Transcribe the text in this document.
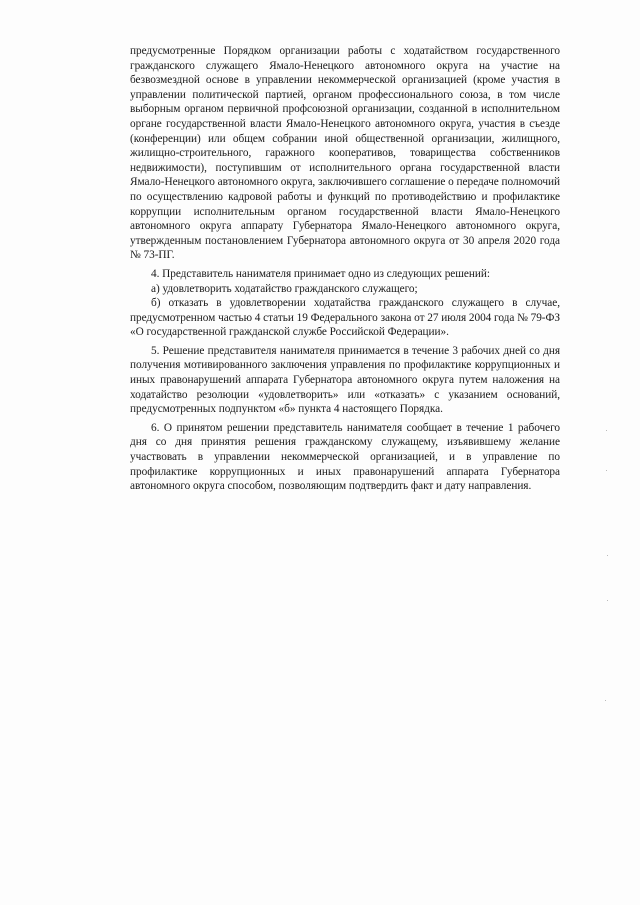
предусмотренные Порядком организации работы с ходатайством государственного гражданского служащего Ямало-Ненецкого автономного округа на участие на безвозмездной основе в управлении некоммерческой организацией (кроме участия в управлении политической партией, органом профессионального союза, в том числе выборным органом первичной профсоюзной организации, созданной в исполнительном органе государственной власти Ямало-Ненецкого автономного округа, участия в съезде (конференции) или общем собрании иной общественной организации, жилищного, жилищно-строительного, гаражного кооперативов, товарищества собственников недвижимости), поступившим от исполнительного органа государственной власти Ямало-Ненецкого автономного округа, заключившего соглашение о передаче полномочий по осуществлению кадровой работы и функций по противодействию и профилактике коррупции исполнительным органом государственной власти Ямало-Ненецкого автономного округа аппарату Губернатора Ямало-Ненецкого автономного округа, утвержденным постановлением Губернатора автономного округа от 30 апреля 2020 года № 73-ПГ.

4. Представитель нанимателя принимает одно из следующих решений:

а) удовлетворить ходатайство гражданского служащего;

б) отказать в удовлетворении ходатайства гражданского служащего в случае, предусмотренном частью 4 статьи 19 Федерального закона от 27 июля 2004 года № 79-ФЗ «О государственной гражданской службе Российской Федерации».

5. Решение представителя нанимателя принимается в течение 3 рабочих дней со дня получения мотивированного заключения управления по профилактике коррупционных и иных правонарушений аппарата Губернатора автономного округа путем наложения на ходатайство резолюции «удовлетворить» или «отказать» с указанием оснований, предусмотренных подпунктом «б» пункта 4 настоящего Порядка.

6. О принятом решении представитель нанимателя сообщает в течение 1 рабочего дня со дня принятия решения гражданскому служащему, изъявившему желание участвовать в управлении некоммерческой организацией, и в управление по профилактике коррупционных и иных правонарушений аппарата Губернатора автономного округа способом, позволяющим подтвердить факт и дату направления.
